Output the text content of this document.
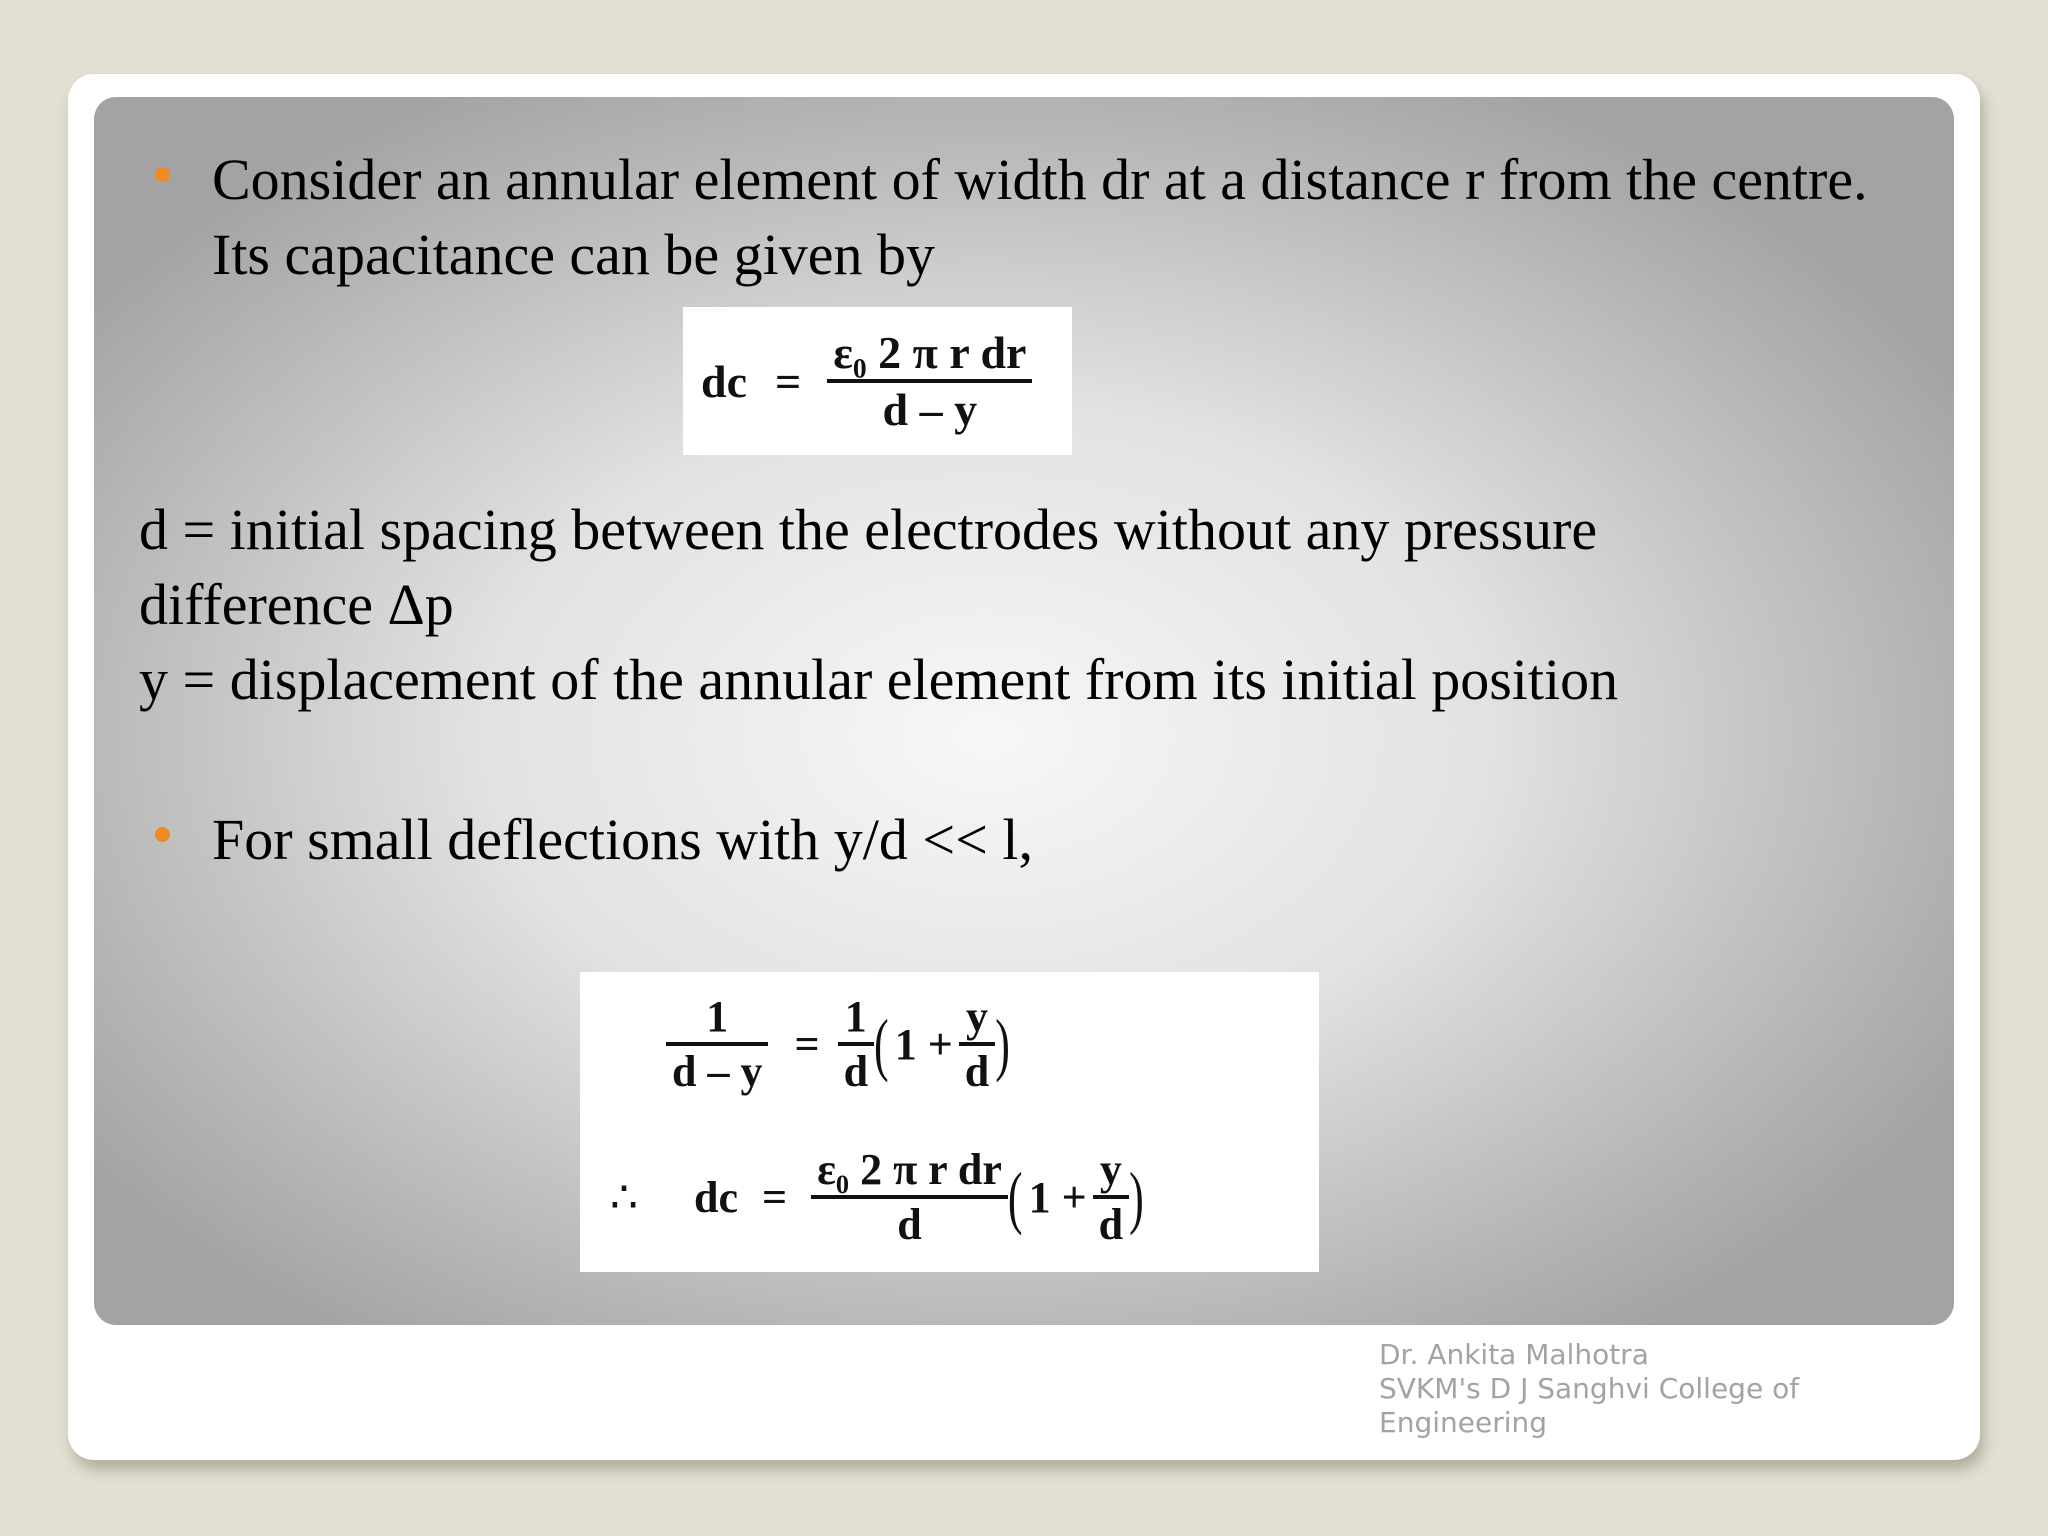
Consider an annular element of width dr at a distance r from the centre. Its capacitance can be given by
dc = $\frac{\text{ε₀ 2 π r dr}}{d - y}$
d = initial spacing between the electrodes without any pressure difference Δp
y = displacement of the annular element from its initial position
For small deflections with y/d << l,
$\frac{1}{d - y} = \frac{1}{d}$ ( $1 + \frac{y}{d}$ )
∴ dc = $\frac{\text{ε₀ 2 π r dr}}{d}$ ( $1 + \frac{y}{d}$ )
Dr. Ankita Malhotra
SVKM's D J Sanghvi College of Engineering
